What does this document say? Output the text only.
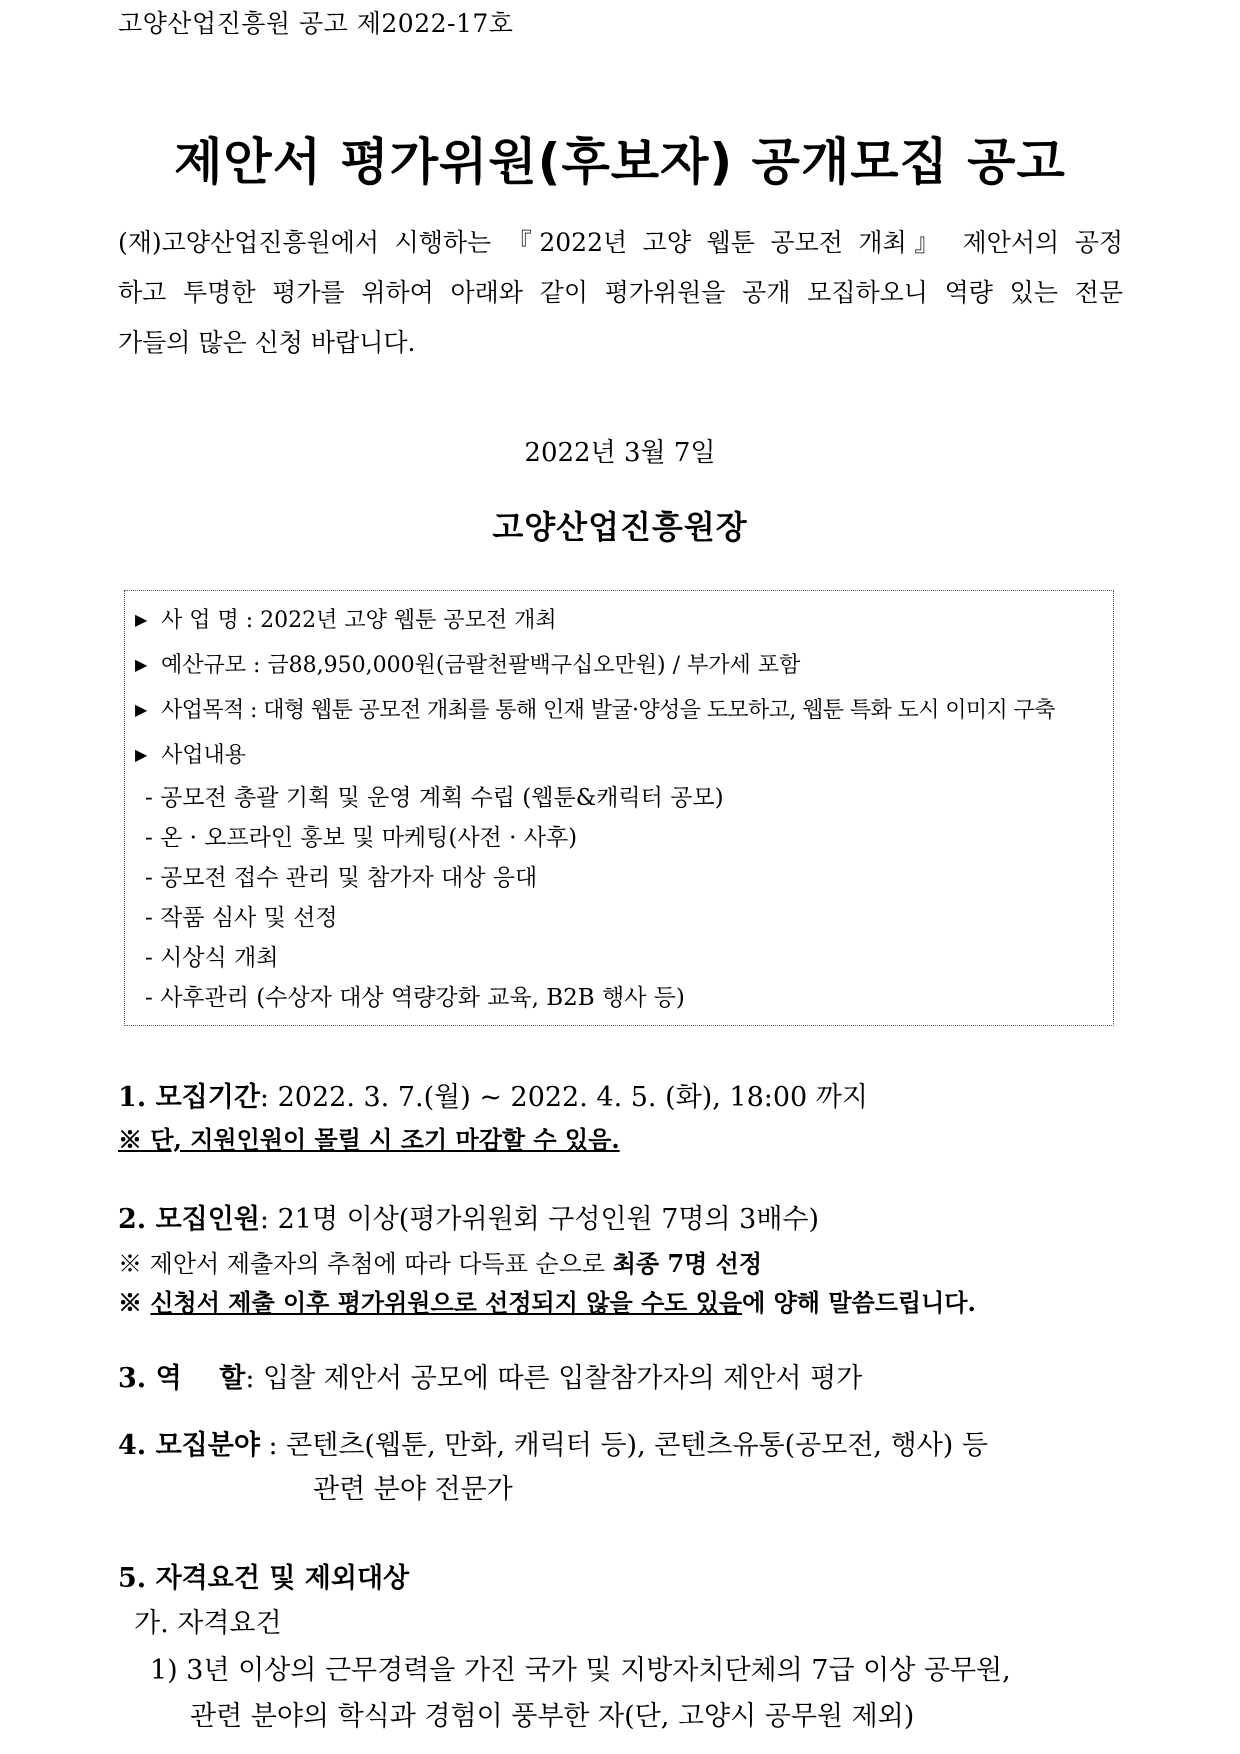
고양산업진흥원 공고 제2022-17호
제안서 평가위원(후보자) 공개모집 공고
(재)고양산업진흥원에서 시행하는 『2022년 고양 웹툰 공모전 개최』 제안서의 공정
하고 투명한 평가를 위하여 아래와 같이 평가위원을 공개 모집하오니 역량 있는 전문
가들의 많은 신청 바랍니다.
2022년 3월 7일
고양산업진흥원장
▶ 사 업 명 : 2022년 고양 웹툰 공모전 개최
▶ 예산규모 : 금88,950,000원(금팔천팔백구십오만원) / 부가세 포함
▶ 사업목적 : 대형 웹툰 공모전 개최를 통해 인재 발굴·양성을 도모하고, 웹툰 특화 도시 이미지 구축
▶ 사업내용
- 공모전 총괄 기획 및 운영 계획 수립 (웹툰&캐릭터 공모)
- 온 · 오프라인 홍보 및 마케팅(사전 · 사후)
- 공모전 접수 관리 및 참가자 대상 응대
- 작품 심사 및 선정
- 시상식 개최
- 사후관리 (수상자 대상 역량강화 교육, B2B 행사 등)
1. 모집기간: 2022. 3. 7.(월) ~ 2022. 4. 5. (화), 18:00 까지
※ 단, 지원인원이 몰릴 시 조기 마감할 수 있음.
2. 모집인원: 21명 이상(평가위원회 구성인원 7명의 3배수)
※ 제안서 제출자의 추첨에 따라 다득표 순으로 최종 7명 선정
※ 신청서 제출 이후 평가위원으로 선정되지 않을 수도 있음에 양해 말씀드립니다.
3. 역    할: 입찰 제안서 공모에 따른 입찰참가자의 제안서 평가
4. 모집분야 : 콘텐츠(웹툰, 만화, 캐릭터 등), 콘텐츠유통(공모전, 행사) 등
관련 분야 전문가
5. 자격요건 및 제외대상
가. 자격요건
1) 3년 이상의 근무경력을 가진 국가 및 지방자치단체의 7급 이상 공무원,
관련 분야의 학식과 경험이 풍부한 자(단, 고양시 공무원 제외)
